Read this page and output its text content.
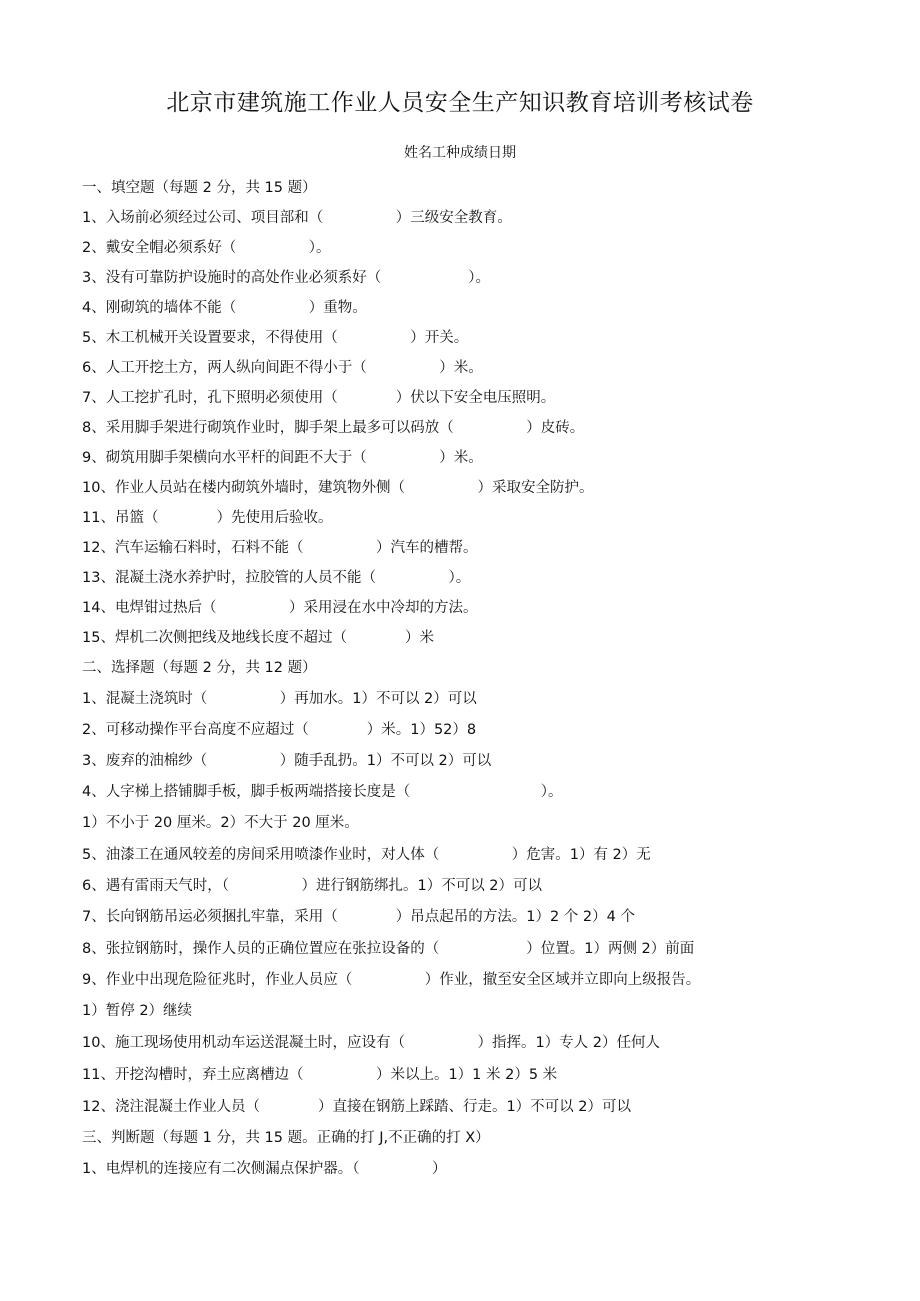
北京市建筑施工作业人员安全生产知识教育培训考核试卷
姓名工种成绩日期
一、填空题（每题 2 分，共 15 题）
1、入场前必须经过公司、项目部和（　　　　　）三级安全教育。
2、戴安全帽必须系好（　　　　　）。
3、没有可靠防护设施时的高处作业必须系好（　　　　　　）。
4、刚砌筑的墙体不能（　　　　　）重物。
5、木工机械开关设置要求，不得使用（　　　　　）开关。
6、人工开挖土方，两人纵向间距不得小于（　　　　　）米。
7、人工挖扩孔时，孔下照明必须使用（　　　　）伏以下安全电压照明。
8、采用脚手架进行砌筑作业时，脚手架上最多可以码放（　　　　　）皮砖。
9、砌筑用脚手架横向水平杆的间距不大于（　　　　　）米。
10、作业人员站在楼内砌筑外墙时，建筑物外侧（　　　　　）采取安全防护。
11、吊篮（　　　　）先使用后验收。
12、汽车运输石料时，石料不能（　　　　　）汽车的槽帮。
13、混凝土浇水养护时，拉胶管的人员不能（　　　　　）。
14、电焊钳过热后（　　　　　）采用浸在水中冷却的方法。
15、焊机二次侧把线及地线长度不超过（　　　　）米
二、选择题（每题 2 分，共 12 题）
1、混凝土浇筑时（　　　　　）再加水。1）不可以 2）可以
2、可移动操作平台高度不应超过（　　　　）米。1）52）8
3、废弃的油棉纱（　　　　　）随手乱扔。1）不可以 2）可以
4、人字梯上搭铺脚手板，脚手板两端搭接长度是（　　　　　　　　　）。
1）不小于 20 厘米。2）不大于 20 厘米。
5、油漆工在通风较差的房间采用喷漆作业时，对人体（　　　　　）危害。1）有 2）无
6、遇有雷雨天气时，（　　　　　）进行钢筋绑扎。1）不可以 2）可以
7、长向钢筋吊运必须捆扎牢靠，采用（　　　　）吊点起吊的方法。1）2 个 2）4 个
8、张拉钢筋时，操作人员的正确位置应在张拉设备的（　　　　　　）位置。1）两侧 2）前面
9、作业中出现危险征兆时，作业人员应（　　　　　）作业，撤至安全区域并立即向上级报告。
1）暂停 2）继续
10、施工现场使用机动车运送混凝土时，应设有（　　　　　）指挥。1）专人 2）任何人
11、开挖沟槽时，弃土应离槽边（　　　　　）米以上。1）1 米 2）5 米
12、浇注混凝土作业人员（　　　　）直接在钢筋上踩踏、行走。1）不可以 2）可以
三、判断题（每题 1 分，共 15 题。正确的打 J,不正确的打 X）
1、电焊机的连接应有二次侧漏点保护器。（　　　　　）
